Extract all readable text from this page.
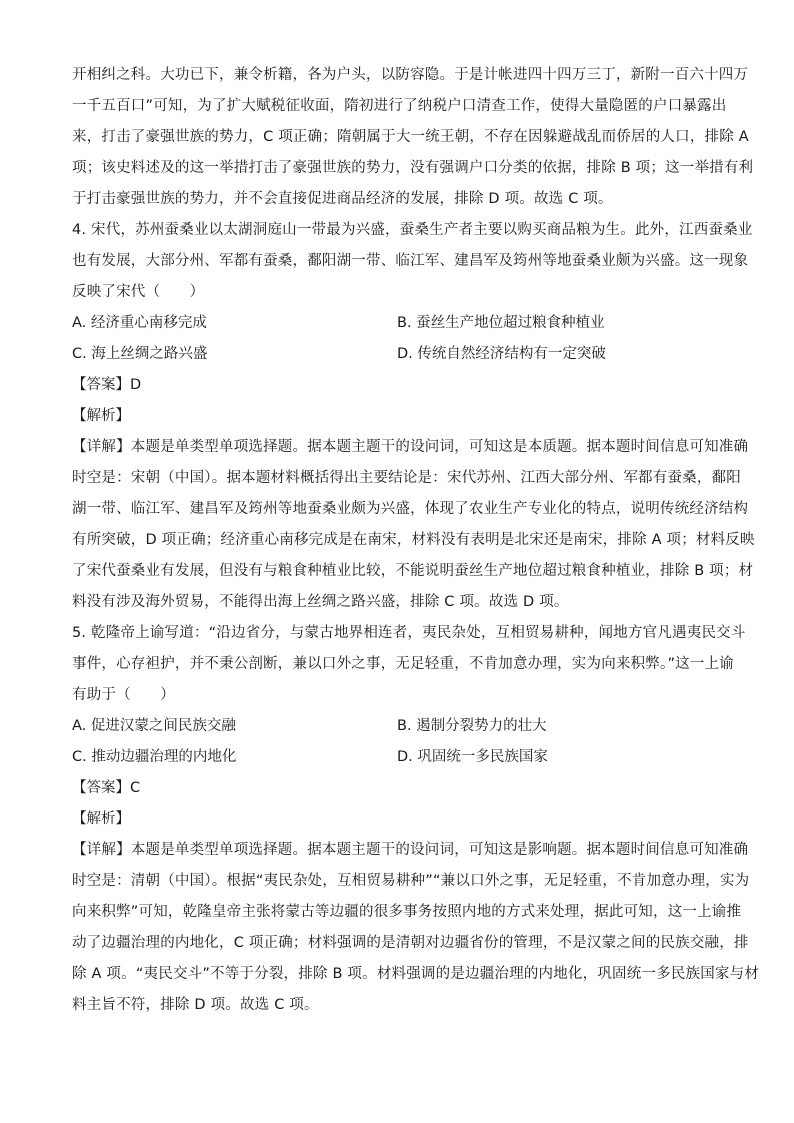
开相纠之科。大功已下，兼令析籍，各为户头，以防容隐。于是计帐进四十四万三丁，新附一百六十四万
一千五百口”可知，为了扩大赋税征收面，隋初进行了纳税户口清查工作，使得大量隐匿的户口暴露出
来，打击了豪强世族的势力，C 项正确；隋朝属于大一统王朝，不存在因躲避战乱而侨居的人口，排除 A
项；该史料述及的这一举措打击了豪强世族的势力，没有强调户口分类的依据，排除 B 项；这一举措有利
于打击豪强世族的势力，并不会直接促进商品经济的发展，排除 D 项。故选 C 项。
4. 宋代，苏州蚕桑业以太湖洞庭山一带最为兴盛，蚕桑生产者主要以购买商品粮为生。此外，江西蚕桑业
也有发展，大部分州、军都有蚕桑，鄱阳湖一带、临江军、建昌军及筠州等地蚕桑业颇为兴盛。这一现象
反映了宋代（　　）
A. 经济重心南移完成	B. 蚕丝生产地位超过粮食种植业
C. 海上丝绸之路兴盛	D. 传统自然经济结构有一定突破
【答案】D
【解析】
【详解】本题是单类型单项选择题。据本题主题干的设问词，可知这是本质题。据本题时间信息可知准确
时空是：宋朝（中国）。据本题材料概括得出主要结论是：宋代苏州、江西大部分州、军都有蚕桑，鄱阳
湖一带、临江军、建昌军及筠州等地蚕桑业颇为兴盛，体现了农业生产专业化的特点，说明传统经济结构
有所突破，D 项正确；经济重心南移完成是在南宋，材料没有表明是北宋还是南宋，排除 A 项；材料反映
了宋代蚕桑业有发展，但没有与粮食种植业比较，不能说明蚕丝生产地位超过粮食种植业，排除 B 项；材
料没有涉及海外贸易，不能得出海上丝绸之路兴盛，排除 C 项。故选 D 项。
5. 乾隆帝上谕写道：“沿边省分，与蒙古地界相连者，夷民杂处，互相贸易耕种，闻地方官凡遇夷民交斗
事件，心存袒护，并不秉公剖断，兼以口外之事，无足轻重，不肯加意办理，实为向来积弊。”这一上谕
有助于（　　）
A. 促进汉蒙之间民族交融	B. 遏制分裂势力的壮大
C. 推动边疆治理的内地化	D. 巩固统一多民族国家
【答案】C
【解析】
【详解】本题是单类型单项选择题。据本题主题干的设问词，可知这是影响题。据本题时间信息可知准确
时空是：清朝（中国）。根据“夷民杂处，互相贸易耕种”“兼以口外之事，无足轻重，不肯加意办理，实为
向来积弊”可知，乾隆皇帝主张将蒙古等边疆的很多事务按照内地的方式来处理，据此可知，这一上谕推
动了边疆治理的内地化，C 项正确；材料强调的是清朝对边疆省份的管理，不是汉蒙之间的民族交融，排
除 A 项。“夷民交斗”不等于分裂，排除 B 项。材料强调的是边疆治理的内地化，巩固统一多民族国家与材
料主旨不符，排除 D 项。故选 C 项。
